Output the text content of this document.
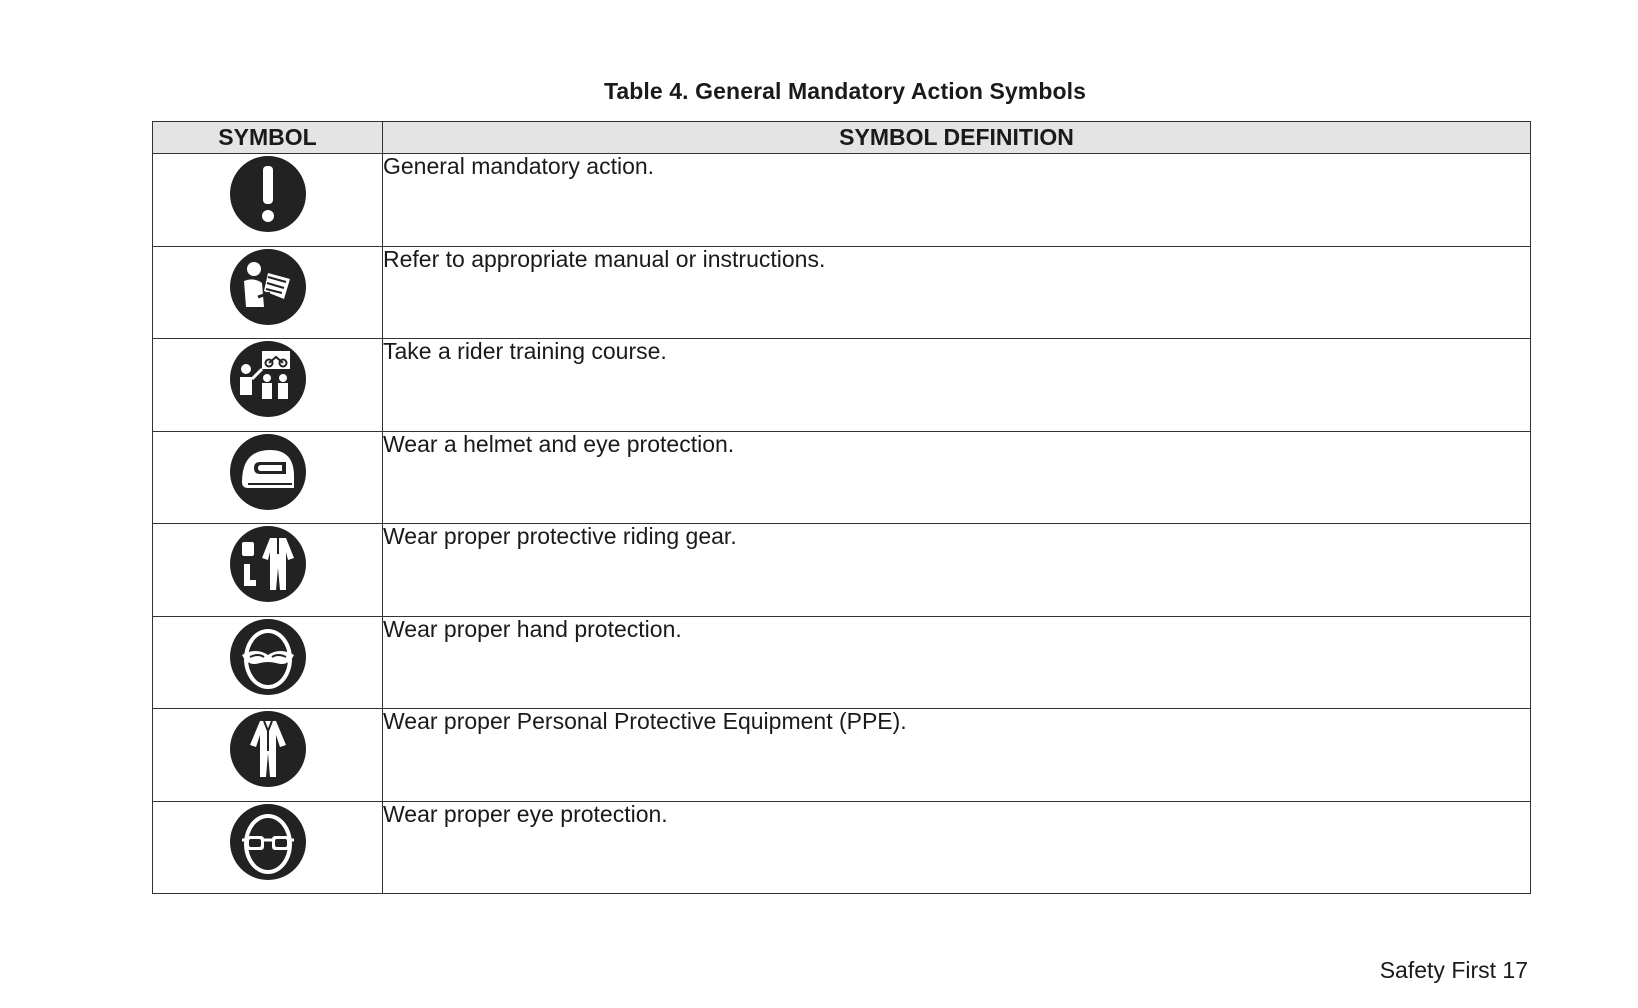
Table 4. General Mandatory Action Symbols
SYMBOL	SYMBOL DEFINITION

	General mandatory action.

	Refer to appropriate manual or instructions.

	Take a rider training course.

	Wear a helmet and eye protection.

	Wear proper protective riding gear.

	Wear proper hand protection.

	Wear proper Personal Protective Equipment (PPE).

	Wear proper eye protection.
Safety First 17
